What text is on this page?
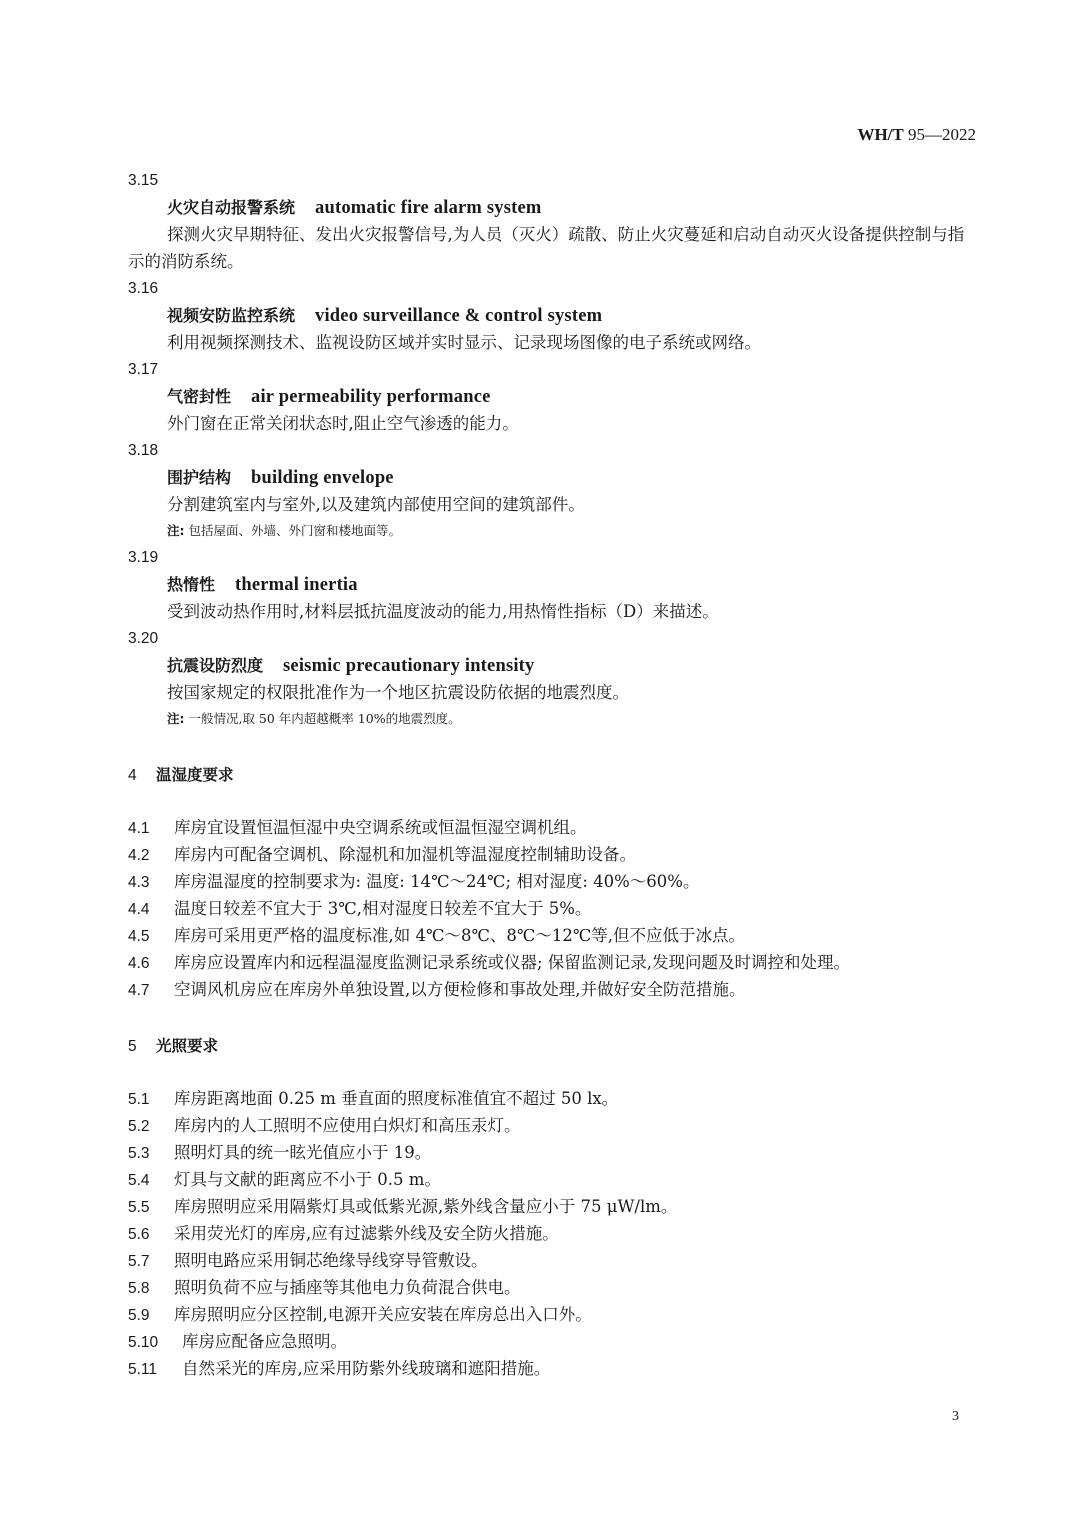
WH/T 95—2022
3.15
火灾自动报警系统 automatic fire alarm system
探测火灾早期特征、发出火灾报警信号,为人员（灭火）疏散、防止火灾蔓延和启动自动灭火设备提供控制与指示的消防系统。
3.16
视频安防监控系统 video surveillance & control system
利用视频探测技术、监视设防区域并实时显示、记录现场图像的电子系统或网络。
3.17
气密封性 air permeability performance
外门窗在正常关闭状态时,阻止空气渗透的能力。
3.18
围护结构 building envelope
分割建筑室内与室外,以及建筑内部使用空间的建筑部件。
注: 包括屋面、外墙、外门窗和楼地面等。
3.19
热惰性 thermal inertia
受到波动热作用时,材料层抵抗温度波动的能力,用热惰性指标（D）来描述。
3.20
抗震设防烈度 seismic precautionary intensity
按国家规定的权限批准作为一个地区抗震设防依据的地震烈度。
注: 一般情况,取 50 年内超越概率 10%的地震烈度。
4 温湿度要求
4.1 库房宜设置恒温恒湿中央空调系统或恒温恒湿空调机组。
4.2 库房内可配备空调机、除湿机和加湿机等温湿度控制辅助设备。
4.3 库房温湿度的控制要求为: 温度: 14℃～24℃; 相对湿度: 40%～60%。
4.4 温度日较差不宜大于 3℃,相对湿度日较差不宜大于 5%。
4.5 库房可采用更严格的温度标准,如 4℃～8℃、8℃～12℃等,但不应低于冰点。
4.6 库房应设置库内和远程温湿度监测记录系统或仪器; 保留监测记录,发现问题及时调控和处理。
4.7 空调风机房应在库房外单独设置,以方便检修和事故处理,并做好安全防范措施。
5 光照要求
5.1 库房距离地面 0.25 m 垂直面的照度标准值宜不超过 50 lx。
5.2 库房内的人工照明不应使用白炽灯和高压汞灯。
5.3 照明灯具的统一眩光值应小于 19。
5.4 灯具与文献的距离应不小于 0.5 m。
5.5 库房照明应采用隔紫灯具或低紫光源,紫外线含量应小于 75 μW/lm。
5.6 采用荧光灯的库房,应有过滤紫外线及安全防火措施。
5.7 照明电路应采用铜芯绝缘导线穿导管敷设。
5.8 照明负荷不应与插座等其他电力负荷混合供电。
5.9 库房照明应分区控制,电源开关应安装在库房总出入口外。
5.10 库房应配备应急照明。
5.11 自然采光的库房,应采用防紫外线玻璃和遮阳措施。
3
